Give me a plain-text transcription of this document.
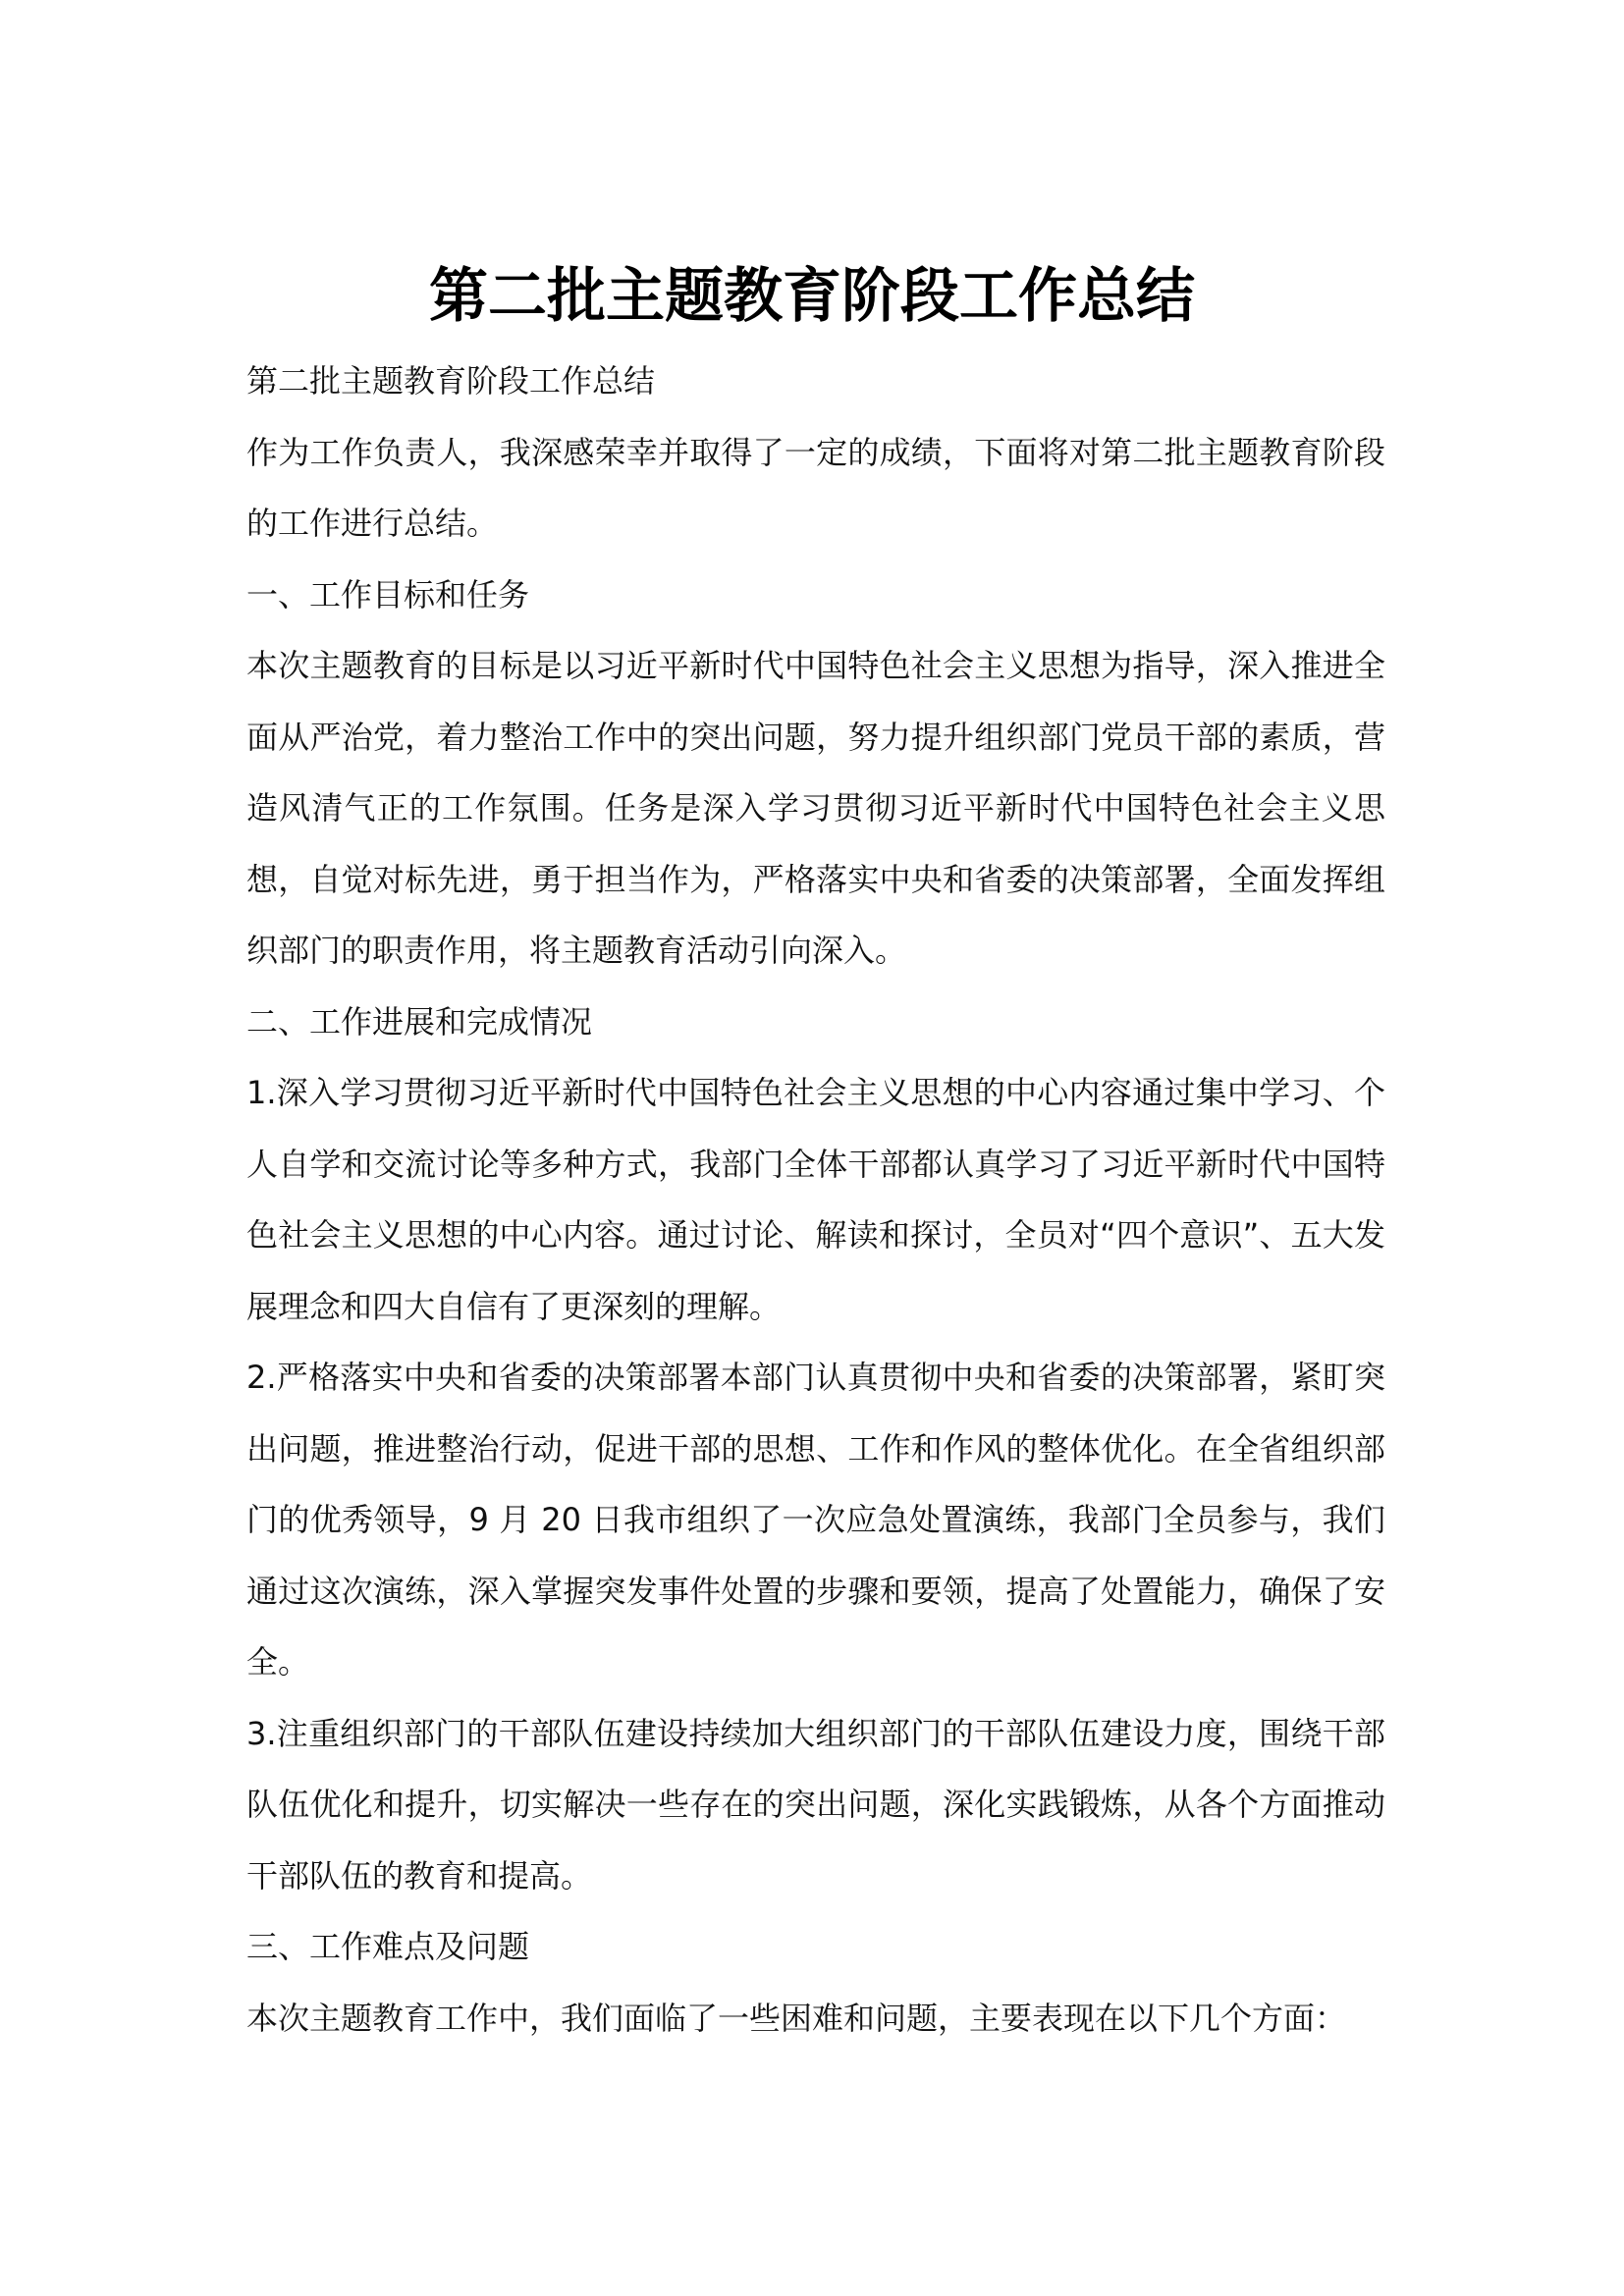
第二批主题教育阶段工作总结

第二批主题教育阶段工作总结

作为工作负责人，我深感荣幸并取得了一定的成绩，下面将对第二批主题教育阶段的工作进行总结。

一、工作目标和任务

本次主题教育的目标是以习近平新时代中国特色社会主义思想为指导，深入推进全面从严治党，着力整治工作中的突出问题，努力提升组织部门党员干部的素质，营造风清气正的工作氛围。任务是深入学习贯彻习近平新时代中国特色社会主义思想，自觉对标先进，勇于担当作为，严格落实中央和省委的决策部署，全面发挥组织部门的职责作用，将主题教育活动引向深入。

二、工作进展和完成情况

1.深入学习贯彻习近平新时代中国特色社会主义思想的中心内容通过集中学习、个人自学和交流讨论等多种方式，我部门全体干部都认真学习了习近平新时代中国特色社会主义思想的中心内容。通过讨论、解读和探讨，全员对“四个意识”、五大发展理念和四大自信有了更深刻的理解。

2.严格落实中央和省委的决策部署本部门认真贯彻中央和省委的决策部署，紧盯突出问题，推进整治行动，促进干部的思想、工作和作风的整体优化。在全省组织部门的优秀领导，9 月 20 日我市组织了一次应急处置演练，我部门全员参与，我们通过这次演练，深入掌握突发事件处置的步骤和要领，提高了处置能力，确保了安全。

3.注重组织部门的干部队伍建设持续加大组织部门的干部队伍建设力度，围绕干部队伍优化和提升，切实解决一些存在的突出问题，深化实践锻炼，从各个方面推动干部队伍的教育和提高。

三、工作难点及问题

本次主题教育工作中，我们面临了一些困难和问题，主要表现在以下几个方面：
